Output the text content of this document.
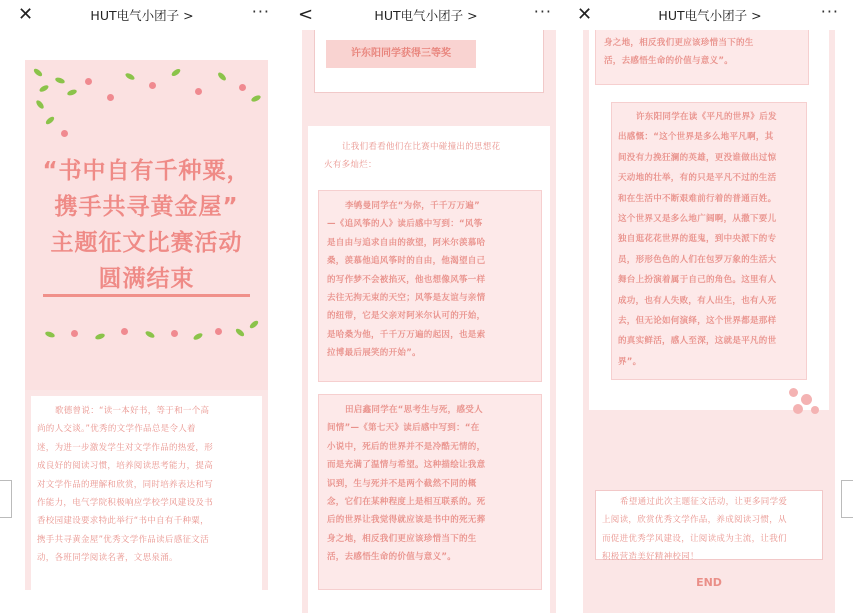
✕	HUT电气小团子 >	···
“书中自有千种粟，
携手共寻黄金屋”
主题征文比赛活动
圆满结束
歌德曾说：“读一本好书，等于和一个高
尚的人交谈。”优秀的文学作品总是令人着
迷，为进一步激发学生对文学作品的热爱，形
成良好的阅读习惯，培养阅读思考能力，提高
对文学作品的理解和欣赏，同时培养表达和写
作能力，电气学院积极响应学校学风建设及书
香校园建设要求特此举行“书中自有千种粟，
携手共寻黄金屋”优秀文学作品读后感征文活
动，各班同学阅读名著，文思泉涌。
<	HUT电气小团子 >	···
许东阳同学获得三等奖
让我们看看他们在比赛中碰撞出的思想花
火有多灿烂：
李鸲曼同学在“为你，千千万万遍”
—《追风筝的人》读后感中写到：“风筝
是自由与追求自由的欲望，阿米尔羡慕哈
桑，羡慕他追风筝时的自由，他渴望自己
的写作梦不会被掐灭，他也想像风筝一样
去往无拘无束的天空；风筝是友谊与亲情
的纽带，它是父亲对阿米尔认可的开始，
是哈桑为他，千千万万遍的起因，也是索
拉博最后展笑的开始”。
田启鑫同学在“思考生与死，感受人
间情”—《第七天》读后感中写到：“在
小说中，死后的世界并不是冷酷无情的，
而是充满了温情与希望。这种描绘让我意
识到，生与死并不是两个截然不同的概
念，它们在某种程度上是相互联系的。死
后的世界让我觉得就应该是书中的死无葬
身之地，相反我们更应该珍惜当下的生
活，去感悟生命的价值与意义”。
✕	HUT电气小团子 >	···
身之地，相反我们更应该珍惜当下的生
活，去感悟生命的价值与意义”。
许东阳同学在读《平凡的世界》后发
出感慨：“这个世界是多么地平凡啊，其
间没有力挽狂澜的英雄，更没谁做出过惊
天动地的壮举，有的只是平凡不过的生活
和在生活中不断艰难前行着的普通百姓。
这个世界又是多么地广阔啊，从撒下要儿
独自逛花花世界的逛鬼，到中央派下的专
员，形形色色的人们在包罗万象的生活大
舞台上扮演着属于自己的角色。这里有人
成功，也有人失败，有人出生，也有人死
去，但无论如何演绎，这个世界都是那样
的真实鲜活，感人至深，这就是平凡的世
界”。
希望通过此次主题征文活动，让更多同学爱
上阅读，欣赏优秀文学作品，养成阅读习惯，从
而促进优秀学风建设，让阅读成为主流，让我们
积极营造美好精神校园！
END
